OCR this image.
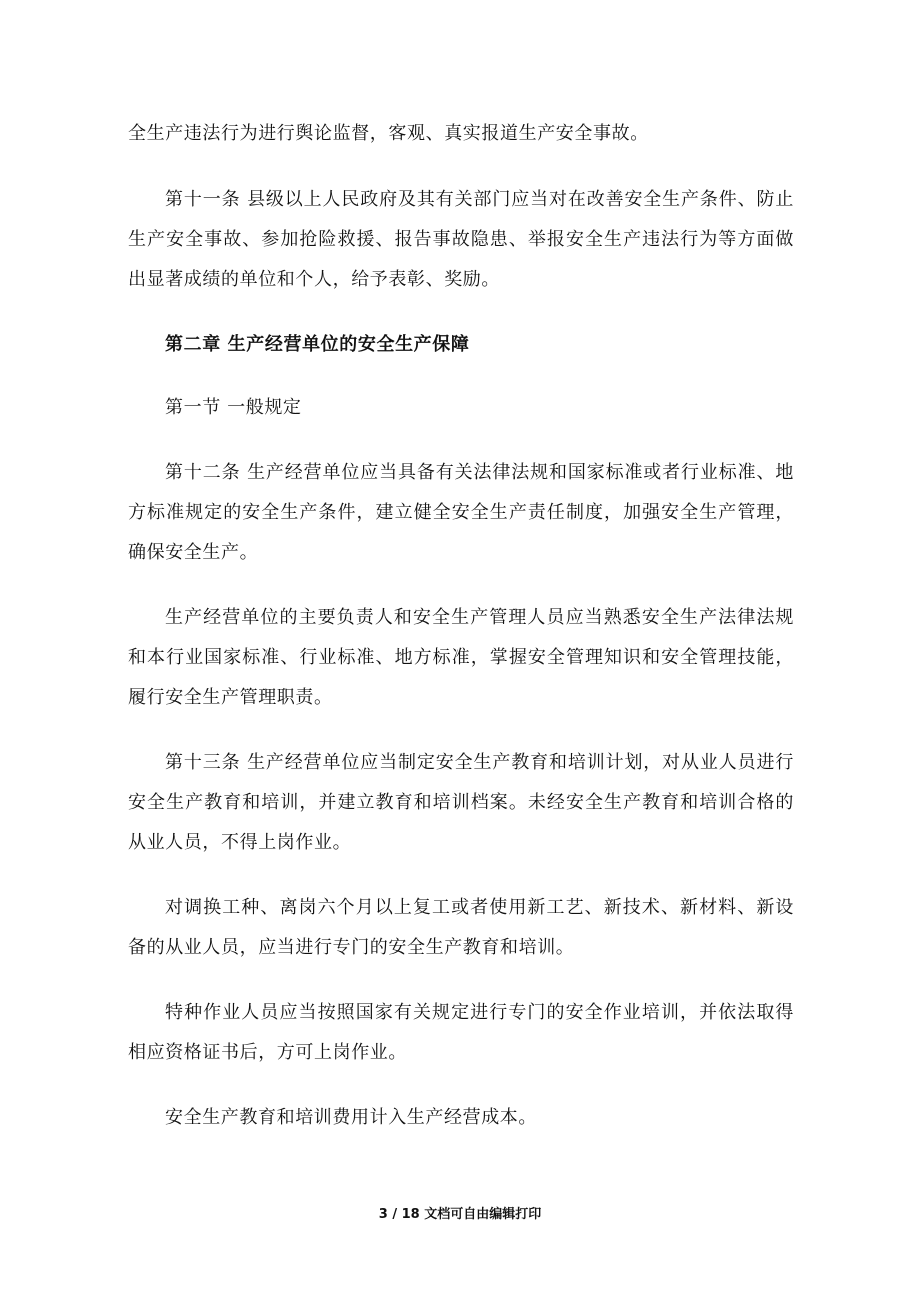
全生产违法行为进行舆论监督，客观、真实报道生产安全事故。

第十一条 县级以上人民政府及其有关部门应当对在改善安全生产条件、防止生产安全事故、参加抢险救援、报告事故隐患、举报安全生产违法行为等方面做出显著成绩的单位和个人，给予表彰、奖励。

第二章 生产经营单位的安全生产保障
第一节 一般规定

第十二条 生产经营单位应当具备有关法律法规和国家标准或者行业标准、地方标准规定的安全生产条件，建立健全安全生产责任制度，加强安全生产管理，确保安全生产。

生产经营单位的主要负责人和安全生产管理人员应当熟悉安全生产法律法规和本行业国家标准、行业标准、地方标准，掌握安全管理知识和安全管理技能，履行安全生产管理职责。

第十三条 生产经营单位应当制定安全生产教育和培训计划，对从业人员进行安全生产教育和培训，并建立教育和培训档案。未经安全生产教育和培训合格的从业人员，不得上岗作业。

对调换工种、离岗六个月以上复工或者使用新工艺、新技术、新材料、新设备的从业人员，应当进行专门的安全生产教育和培训。

特种作业人员应当按照国家有关规定进行专门的安全作业培训，并依法取得相应资格证书后，方可上岗作业。

安全生产教育和培训费用计入生产经营成本。

3 / 18 文档可自由编辑打印
